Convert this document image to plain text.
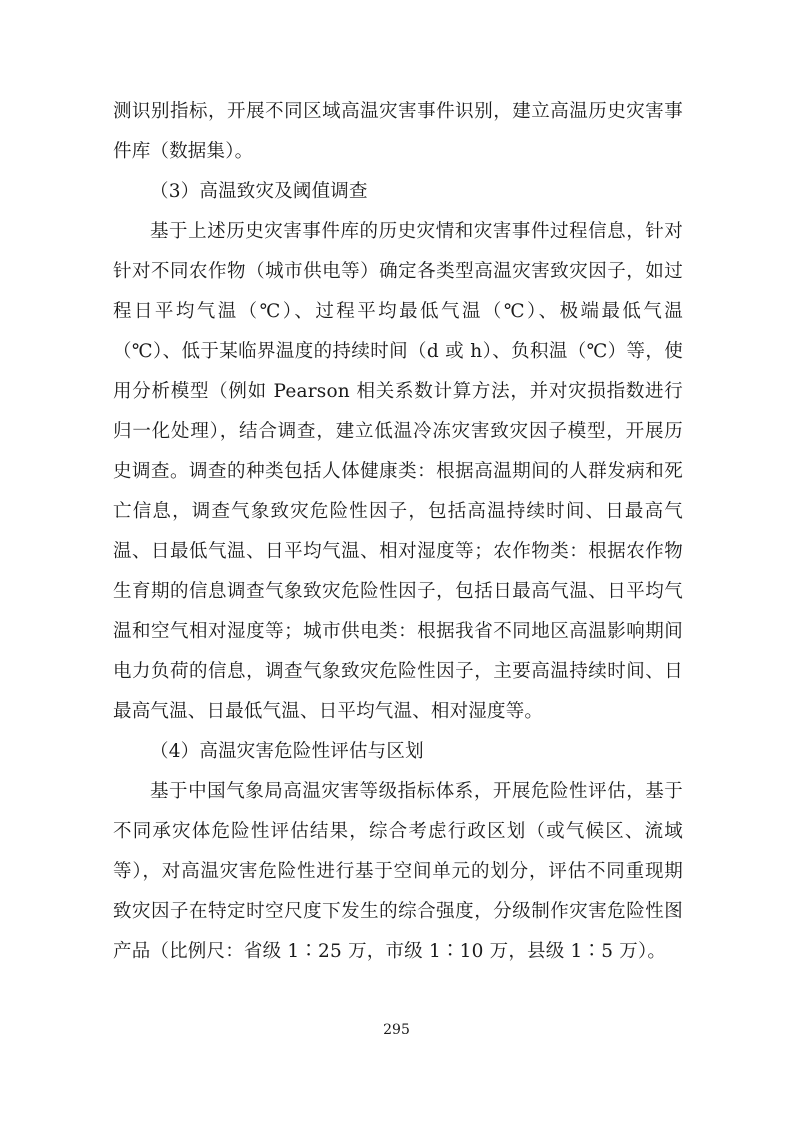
测识别指标，开展不同区域高温灾害事件识别，建立高温历史灾害事件库（数据集）。

（3）高温致灾及阈值调查

基于上述历史灾害事件库的历史灾情和灾害事件过程信息，针对针对不同农作物（城市供电等）确定各类型高温灾害致灾因子，如过程日平均气温（℃）、过程平均最低气温（℃）、极端最低气温（℃）、低于某临界温度的持续时间（d 或 h）、负积温（℃）等，使用分析模型（例如 Pearson 相关系数计算方法，并对灾损指数进行归一化处理），结合调查，建立低温冷冻灾害致灾因子模型，开展历史调查。调查的种类包括人体健康类：根据高温期间的人群发病和死亡信息，调查气象致灾危险性因子，包括高温持续时间、日最高气温、日最低气温、日平均气温、相对湿度等；农作物类：根据农作物生育期的信息调查气象致灾危险性因子，包括日最高气温、日平均气温和空气相对湿度等；城市供电类：根据我省不同地区高温影响期间电力负荷的信息，调查气象致灾危险性因子，主要高温持续时间、日最高气温、日最低气温、日平均气温、相对湿度等。

（4）高温灾害危险性评估与区划

基于中国气象局高温灾害等级指标体系，开展危险性评估，基于不同承灾体危险性评估结果，综合考虑行政区划（或气候区、流域等），对高温灾害危险性进行基于空间单元的划分，评估不同重现期致灾因子在特定时空尺度下发生的综合强度，分级制作灾害危险性图产品（比例尺：省级 1∶25 万，市级 1∶10 万，县级 1∶5 万）。

295
